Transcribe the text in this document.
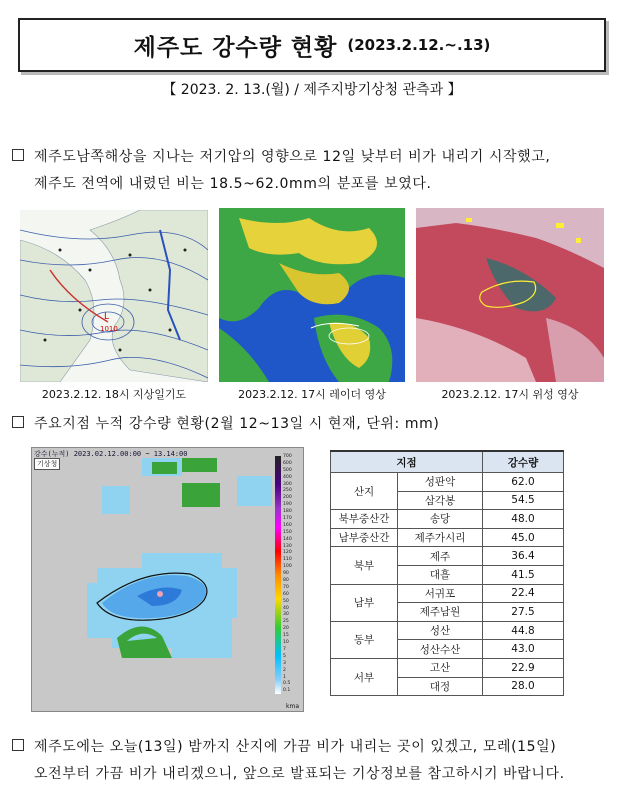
제주도 강수량 현황 (2023.2.12.~.13)
【 2023. 2. 13.(월) / 제주지방기상청 관측과 】
제주도남쪽해상을 지나는 저기압의 영향으로 12일 낮부터 비가 내리기 시작했고,
제주도 전역에 내렸던 비는 18.5~62.0mm의 분포를 보였다.
L
1010
2023.2.12. 18시 지상일기도	2023.2.12. 17시 레이더 영상	2023.2.12. 17시 위성 영상
주요지점 누적 강수량 현황(2월 12~13일 시 현재, 단위: mm)
강수(누적) 2023.02.12.00:00 ~ 13.14:00
기상청
700
600
500
400
300
250
200
190
180
170
160
150
140
130
120
110
100
90
80
70
60
50
40
30
25
20
15
10
7
5
3
2
1
0.5
0.1
kma
지점		강수량
산지	성판악	62.0
	삼각봉	54.5
북부중산간	송당	48.0
남부중산간	제주가시리	45.0
북부	제주	36.4
	대흘	41.5
남부	서귀포	22.4
	제주남원	27.5
동부	성산	44.8
	성산수산	43.0
서부	고산	22.9
	대정	28.0
제주도에는 오늘(13일) 밤까지 산지에 가끔 비가 내리는 곳이 있겠고, 모레(15일)
오전부터 가끔 비가 내리겠으니, 앞으로 발표되는 기상정보를 참고하시기 바랍니다.
